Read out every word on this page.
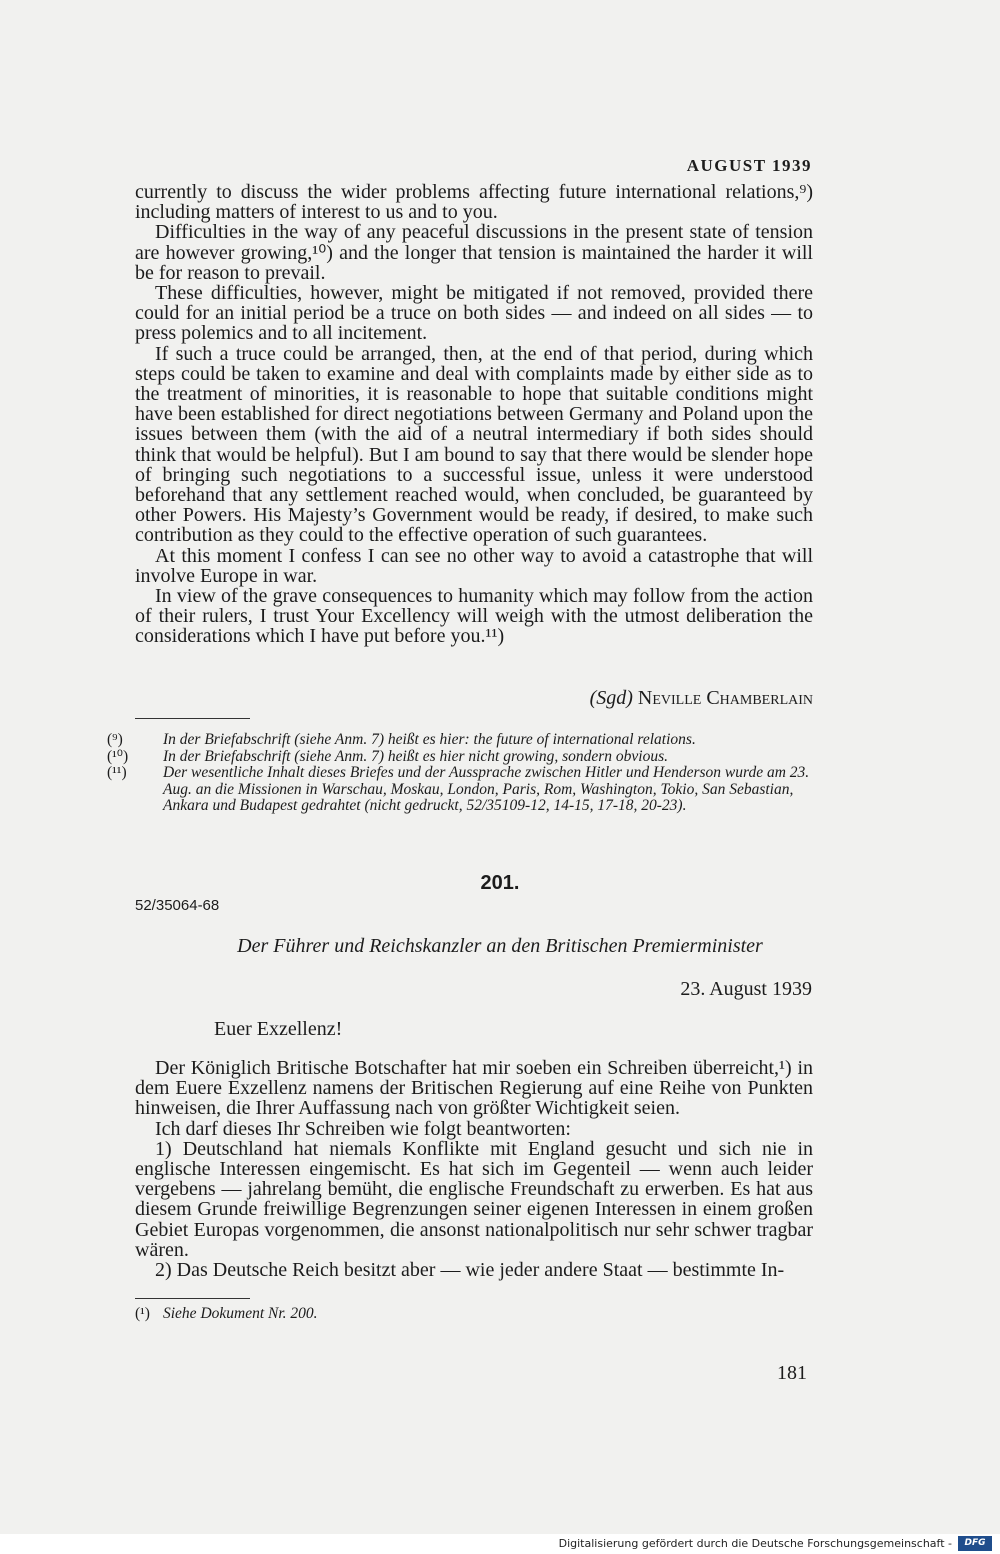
AUGUST 1939

currently to discuss the wider problems affecting future international relations,⁹) including matters of interest to us and to you.

Difficulties in the way of any peaceful discussions in the present state of tension are however growing,¹⁰) and the longer that tension is maintained the harder it will be for reason to prevail.

These difficulties, however, might be mitigated if not removed, provided there could for an initial period be a truce on both sides — and indeed on all sides — to press polemics and to all incitement.

If such a truce could be arranged, then, at the end of that period, during which steps could be taken to examine and deal with complaints made by either side as to the treatment of minorities, it is reasonable to hope that suitable conditions might have been established for direct negotiations between Germany and Poland upon the issues between them (with the aid of a neutral intermediary if both sides should think that would be helpful). But I am bound to say that there would be slender hope of bringing such negotiations to a successful issue, unless it were understood beforehand that any settlement reached would, when concluded, be guaranteed by other Powers. His Majesty’s Government would be ready, if desired, to make such contribution as they could to the effective operation of such guarantees.

At this moment I confess I can see no other way to avoid a catastrophe that will involve Europe in war.

In view of the grave consequences to humanity which may follow from the action of their rulers, I trust Your Excellency will weigh with the utmost deliberation the considerations which I have put before you.¹¹)

(Sgd) Neville Chamberlain

(⁹)	In der Briefabschrift (siehe Anm. 7) heißt es hier: the future of international relations.

(¹⁰) In der Briefabschrift (siehe Anm. 7) heißt es hier nicht growing, sondern obvious.

(¹¹) Der wesentliche Inhalt dieses Briefes und der Aussprache zwischen Hitler und Henderson wurde am 23. Aug. an die Missionen in Warschau, Moskau, London, Paris, Rom, Washington, Tokio, San Sebastian, Ankara und Budapest gedrahtet (nicht gedruckt, 52/35109-12, 14-15, 17-18, 20-23).

201.
52/35064-68
Der Führer und Reichskanzler an den Britischen Premierminister
23. August 1939
Euer Exzellenz!

Der Königlich Britische Botschafter hat mir soeben ein Schreiben überreicht,¹) in dem Euere Exzellenz namens der Britischen Regierung auf eine Reihe von Punkten hinweisen, die Ihrer Auffassung nach von größter Wichtigkeit seien.

Ich darf dieses Ihr Schreiben wie folgt beantworten:

1) Deutschland hat niemals Konflikte mit England gesucht und sich nie in englische Interessen eingemischt. Es hat sich im Gegenteil — wenn auch leider vergebens — jahrelang bemüht, die englische Freundschaft zu erwerben. Es hat aus diesem Grunde freiwillige Begrenzungen seiner eigenen Interessen in einem großen Gebiet Europas vorgenommen, die ansonst nationalpolitisch nur sehr schwer tragbar wären.

2) Das Deutsche Reich besitzt aber — wie jeder andere Staat — bestimmte In-

(¹) Siehe Dokument Nr. 200.

181
Digitalisierung gefördert durch die Deutsche Forschungsgemeinschaft -	DFG
